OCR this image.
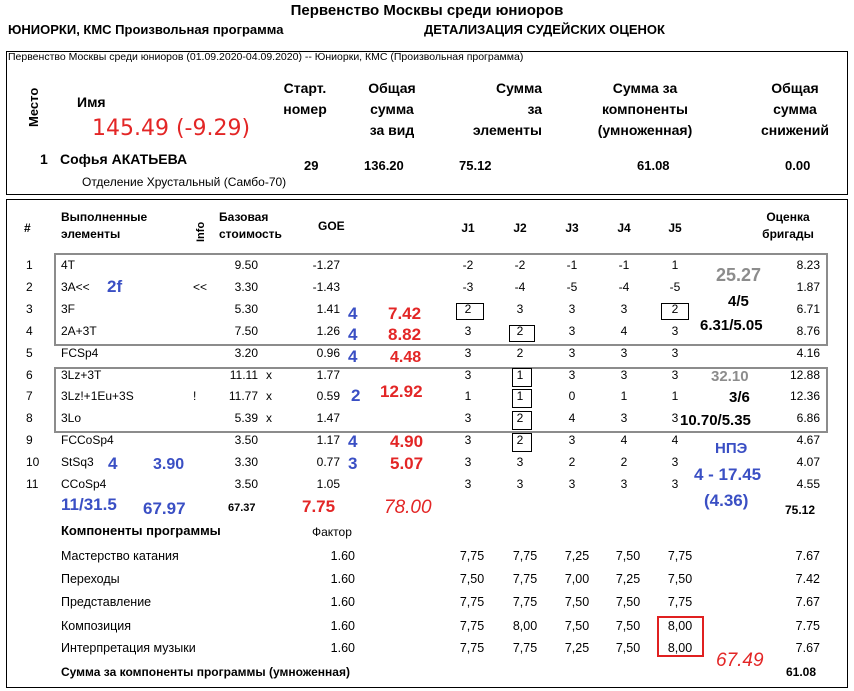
Первенство Москвы среди юниоров
ЮНИОРКИ, КМС Произвольная программа	ДЕТАЛИЗАЦИЯ СУДЕЙСКИХ ОЦЕНОК
Первенство Москвы среди юниоров (01.09.2020-04.09.2020) -- Юниорки, КМС (Произвольная программа)
Место	Имя
Старт.
номер
Общая
сумма
за вид
Сумма
за
элементы
Сумма за
компоненты
(умноженная)
Общая
сумма
снижений
145.49 (-9.29)
1 Софья АКАТЬЕВА
Отделение Хрустальный (Самбо-70)
29	136.20	75.12	61.08	0.00
#
Выполненные
элементы	Info
Базовая
стоимость
GOE	J1	J2	J3	J4	J5
Оценка
бригады
1 4T	9.50	-1.27	-2	-2	-1	-1	1	8.23
2 3A<<	<<	3.30	-1.43	-3	-4	-5	-4	-5	1.87
3 3F	5.30	1.41	2	3	3	3	2	6.71
4 2A+3T	7.50	1.26	3	2	3	4	3	8.76
5 FCSp4	3.20	0.96	3	2	3	3	3	4.16
6 3Lz+3T	11.11 x	1.77	3	1	3	3	3	12.88
7 3Lz!+1Eu+3S	!	11.77 x	0.59	1	1	0	1	1	12.36
8 3Lo	5.39 x	1.47	3	2	4	3	3	6.86
9 FCCoSp4	3.50	1.17	3	2	3	4	4	4.67
10 StSq3	3.30	0.77	3	3	2	2	3	4.07
11 CCoSp4	3.50	1.05	3	3	3	3	3	4.55
67.37	75.12
Компоненты программы	Фактор
Мастерство катания	1.60	7,75	7,75	7,25	7,50	7,75	7.67
Переходы	1.60	7,50	7,75	7,00	7,25	7,50	7.42
Представление	1.60	7,75	7,75	7,50	7,50	7,75	7.67
Композиция	1.60	7,75	8,00	7,50	7,50	8,00	7.75
Интерпретация музыки	1.60	7,75	7,75	7,25	7,50	8,00	7.67
Сумма за компоненты программы (умноженная)	61.08
2f
4
4
4
2
4
3
4 3.90
7.42
8.82
4.48
12.92
4.90
5.07
25.27
4/5
6.31/5.05
32.10
3/6
10.70/5.35
НПЭ
4 - 17.45
(4.36)
11/31.5 67.97	7.75	78.00
67.49
